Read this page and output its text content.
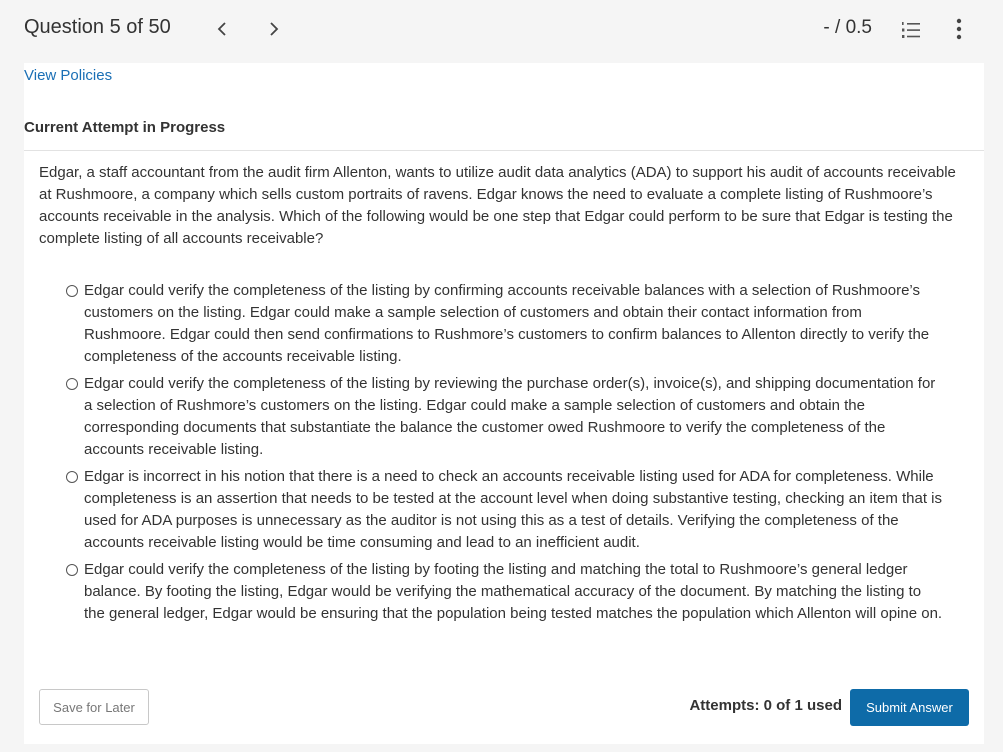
Question 5 of 50	- / 0.5
View Policies
Current Attempt in Progress
Edgar, a staff accountant from the audit firm Allenton, wants to utilize audit data analytics (ADA) to support his audit of accounts receivable at Rushmoore, a company which sells custom portraits of ravens. Edgar knows the need to evaluate a complete listing of Rushmoore’s accounts receivable in the analysis. Which of the following would be one step that Edgar could perform to be sure that Edgar is testing the complete listing of all accounts receivable?
Edgar could verify the completeness of the listing by confirming accounts receivable balances with a selection of Rushmoore’s customers on the listing. Edgar could make a sample selection of customers and obtain their contact information from Rushmoore. Edgar could then send confirmations to Rushmore’s customers to confirm balances to Allenton directly to verify the completeness of the accounts receivable listing.
Edgar could verify the completeness of the listing by reviewing the purchase order(s), invoice(s), and shipping documentation for a selection of Rushmore’s customers on the listing. Edgar could make a sample selection of customers and obtain the corresponding documents that substantiate the balance the customer owed Rushmoore to verify the completeness of the accounts receivable listing.
Edgar is incorrect in his notion that there is a need to check an accounts receivable listing used for ADA for completeness. While completeness is an assertion that needs to be tested at the account level when doing substantive testing, checking an item that is used for ADA purposes is unnecessary as the auditor is not using this as a test of details. Verifying the completeness of the accounts receivable listing would be time consuming and lead to an inefficient audit.
Edgar could verify the completeness of the listing by footing the listing and matching the total to Rushmoore’s general ledger balance. By footing the listing, Edgar would be verifying the mathematical accuracy of the document. By matching the listing to the general ledger, Edgar would be ensuring that the population being tested matches the population which Allenton will opine on.
Save for Later	Attempts: 0 of 1 used	Submit Answer
